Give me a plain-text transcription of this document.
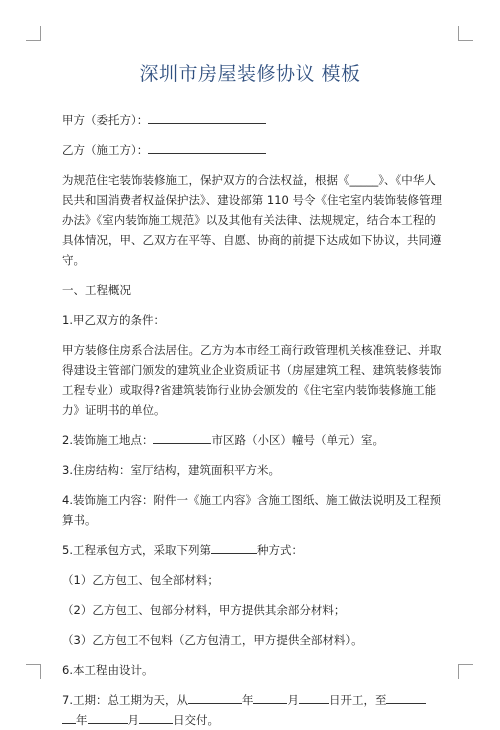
深圳市房屋装修协议 模板

甲方（委托方）：

乙方（施工方）：

为规范住宅装饰装修施工，保护双方的合法权益，根据《_____》、《中华人民共和国消费者权益保护法》、建设部第 110 号令《住宅室内装饰装修管理办法》《室内装饰施工规范》以及其他有关法律、法规规定，结合本工程的具体情况，甲、乙双方在平等、自愿、协商的前提下达成如下协议，共同遵守。

一、工程概况

1.甲乙双方的条件：

甲方装修住房系合法居住。乙方为本市经工商行政管理机关核准登记、并取得建设主管部门颁发的建筑业企业资质证书（房屋建筑工程、建筑装修装饰工程专业）或取得?省建筑装饰行业协会颁发的《住宅室内装饰装修施工能力》证明书的单位。

2.装饰施工地点：	市区路（小区）幢号（单元）室。

3.住房结构：室厅结构，建筑面积平方米。

4.装饰施工内容：附件一《施工内容》含施工图纸、施工做法说明及工程预算书。

5.工程承包方式，采取下列第	种方式：

（1）乙方包工、包全部材料；

（2）乙方包工、包部分材料，甲方提供其余部分材料；

（3）乙方包工不包料（乙方包清工，甲方提供全部材料）。

6.本工程由设计。

7.工期：总工期为天，从	年	月	日开工，至

年	月	日交付。
